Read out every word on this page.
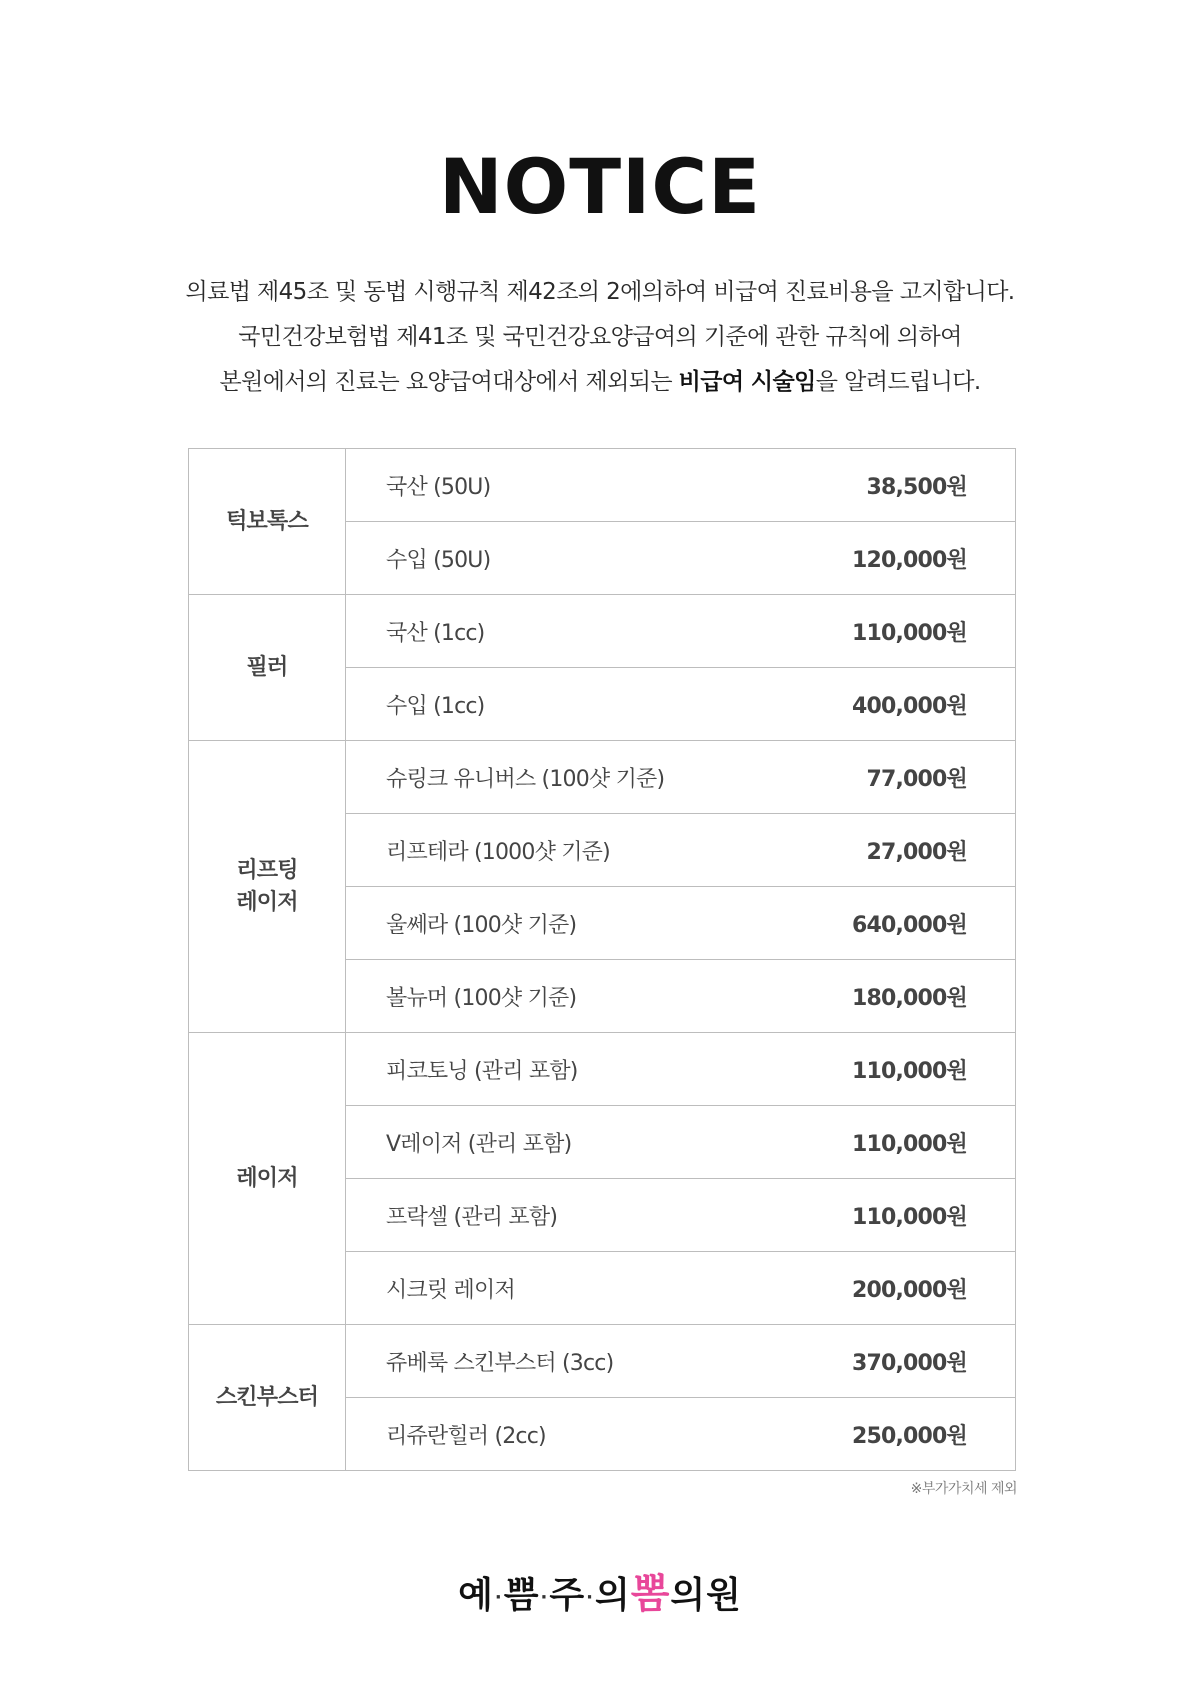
NOTICE

의료법 제45조 및 동법 시행규칙 제42조의 2에의하여 비급여 진료비용을 고지합니다.

국민건강보험법 제41조 및 국민건강요양급여의 기준에 관한 규칙에 의하여

본원에서의 진료는 요양급여대상에서 제외되는 비급여 시술임을 알려드립니다.

턱보톡스	국산 (50U)	38,500원
	수입 (50U)	120,000원

필러	국산 (1cc)	110,000원
	수입 (1cc)	400,000원

리프팅
레이저	슈링크 유니버스 (100샷 기준)	77,000원
	리프테라 (1000샷 기준)	27,000원
	울쎄라 (100샷 기준)	640,000원
	볼뉴머 (100샷 기준)	180,000원

레이저	피코토닝 (관리 포함)	110,000원
	V레이저 (관리 포함)	110,000원
	프락셀 (관리 포함)	110,000원
	시크릿 레이저	200,000원

스킨부스터	쥬베룩 스킨부스터 (3cc)	370,000원
	리쥬란힐러 (2cc)	250,000원
※부가가치세 제외
예·쁨·주·의뽐의원
